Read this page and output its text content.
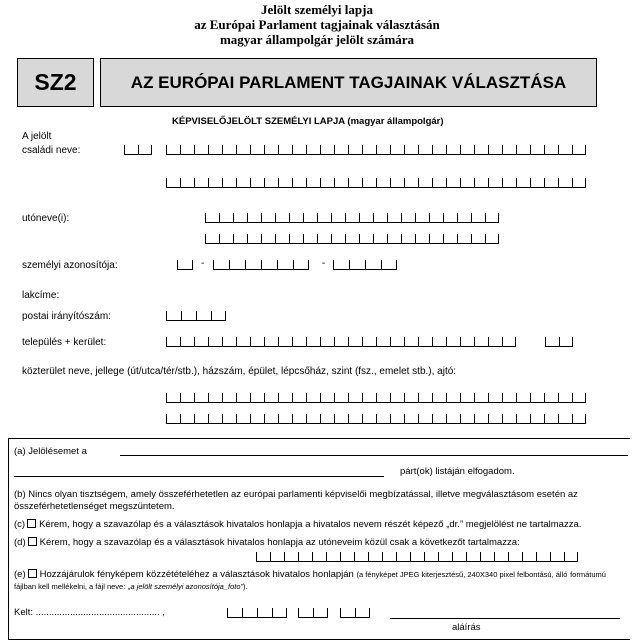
Jelölt személyi lapja
az Európai Parlament tagjainak választásán
magyar állampolgár jelölt számára
SZ2	AZ EURÓPAI PARLAMENT TAGJAINAK VÁLASZTÁSA
KÉPVISELŐJELÖLT SZEMÉLYI LAPJA (magyar állampolgár)
A jelölt
családi neve:
utóneve(i):
személyi azonosítója:	-	-
lakcíme:
postai irányítószám:
település + kerület:
közterület neve, jellege (út/utca/tér/stb.), házszám, épület, lépcsőház, szint (fsz., emelet stb.), ajtó:
(a) Jelölésemet a
párt(ok) listáján elfogadom.
(b) Nincs olyan tisztségem, amely összeférhetetlen az európai parlamenti képviselői megbízatással, illetve megválasztásom esetén az összeférhetetlenséget megszüntetem.
(c) Kérem, hogy a szavazólap és a választások hivatalos honlapja a hivatalos nevem részét képező „dr.” megjelölést ne tartalmazza.
(d) Kérem, hogy a szavazólap és a választások hivatalos honlapja az utóneveim közül csak a következőt tartalmazza:
(e) Hozzájárulok fényképem közzétételéhez a választások hivatalos honlapján (a fényképet JPEG kiterjesztésű, 240X340 pixel felbontású, álló formátumú fájlban kell mellékelni, a fájl neve: „a jelölt személyi azonosítója_foto”).
Kelt: ............................................... ,
aláírás
